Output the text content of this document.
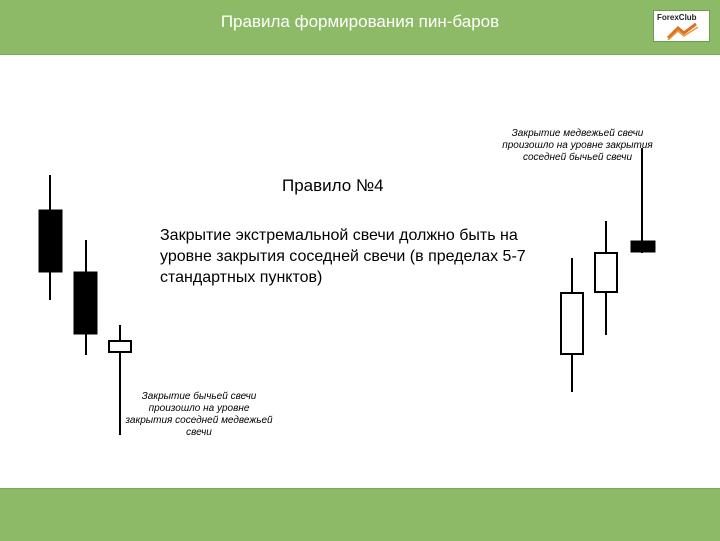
Правила формирования пин-баров	ForexClub
Правило №4
Закрытие экстремальной свечи должно быть на уровне закрытия соседней свечи (в пределах 5-7 стандартных пунктов)
Закрытие бычьей свечи произошло на уровне закрытия соседней медвежьей свечи
Закрытие медвежьей свечи произошло на уровне закрытия соседней бычьей свечи
